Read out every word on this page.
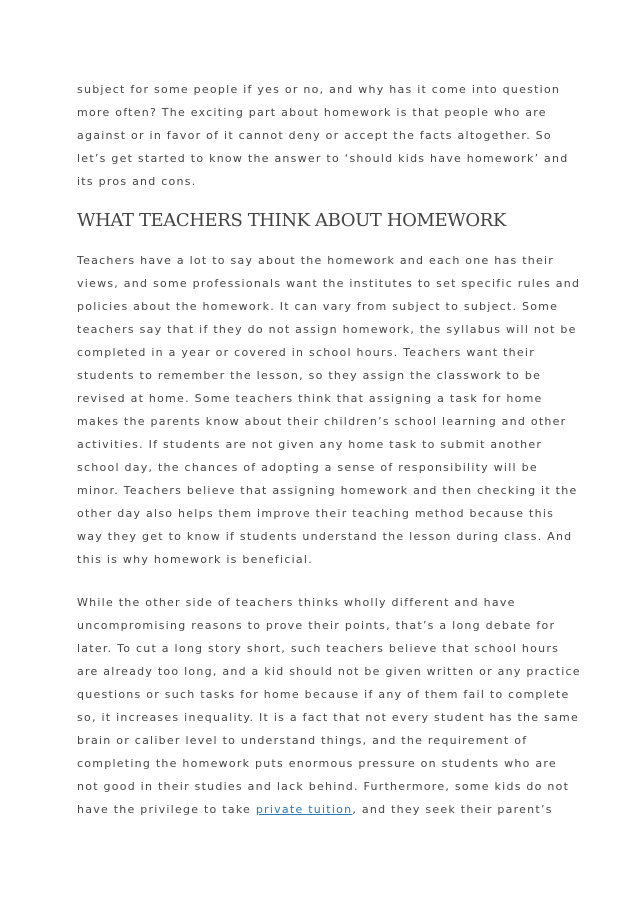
subject for some people if yes or no, and why has it come into question
more often? The exciting part about homework is that people who are
against or in favor of it cannot deny or accept the facts altogether. So
let’s get started to know the answer to ‘should kids have homework’ and
its pros and cons.

WHAT TEACHERS THINK ABOUT HOMEWORK

Teachers have a lot to say about the homework and each one has their
views, and some professionals want the institutes to set specific rules and
policies about the homework. It can vary from subject to subject. Some
teachers say that if they do not assign homework, the syllabus will not be
completed in a year or covered in school hours. Teachers want their
students to remember the lesson, so they assign the classwork to be
revised at home. Some teachers think that assigning a task for home
makes the parents know about their children’s school learning and other
activities. If students are not given any home task to submit another
school day, the chances of adopting a sense of responsibility will be
minor. Teachers believe that assigning homework and then checking it the
other day also helps them improve their teaching method because this
way they get to know if students understand the lesson during class. And
this is why homework is beneficial.

While the other side of teachers thinks wholly different and have
uncompromising reasons to prove their points, that’s a long debate for
later. To cut a long story short, such teachers believe that school hours
are already too long, and a kid should not be given written or any practice
questions or such tasks for home because if any of them fail to complete
so, it increases inequality. It is a fact that not every student has the same
brain or caliber level to understand things, and the requirement of
completing the homework puts enormous pressure on students who are
not good in their studies and lack behind. Furthermore, some kids do not
have the privilege to take private tuition, and they seek their parent’s
